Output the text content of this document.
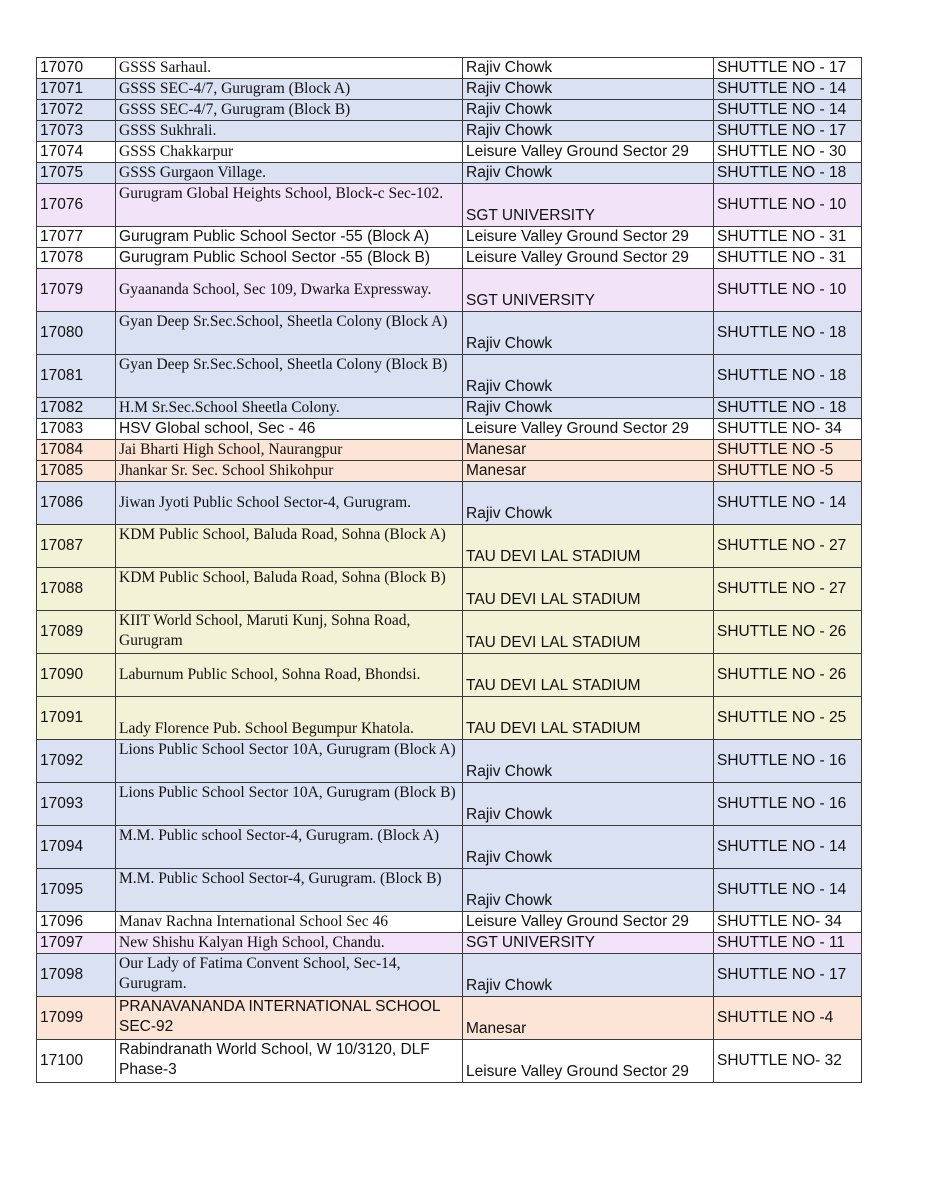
17070	GSSS Sarhaul.	Rajiv Chowk	SHUTTLE NO - 17
17071	GSSS SEC-4/7, Gurugram (Block A)	Rajiv Chowk	SHUTTLE NO - 14
17072	GSSS SEC-4/7, Gurugram (Block B)	Rajiv Chowk	SHUTTLE NO - 14
17073	GSSS Sukhrali.	Rajiv Chowk	SHUTTLE NO - 17
17074	GSSS Chakkarpur	Leisure Valley Ground Sector 29	SHUTTLE NO - 30
17075	GSSS Gurgaon Village.	Rajiv Chowk	SHUTTLE NO - 18
17076	Gurugram Global Heights School, Block-c Sec-102.	SGT UNIVERSITY	SHUTTLE NO - 10
17077	Gurugram Public School Sector -55 (Block A)	Leisure Valley Ground Sector 29	SHUTTLE NO - 31
17078	Gurugram Public School Sector -55 (Block B)	Leisure Valley Ground Sector 29	SHUTTLE NO - 31
17079	Gyaananda School, Sec 109, Dwarka Expressway.	SGT UNIVERSITY	SHUTTLE NO - 10
17080	Gyan Deep Sr.Sec.School, Sheetla Colony (Block A)	Rajiv Chowk	SHUTTLE NO - 18
17081	Gyan Deep Sr.Sec.School, Sheetla Colony (Block B)	Rajiv Chowk	SHUTTLE NO - 18
17082	H.M Sr.Sec.School Sheetla Colony.	Rajiv Chowk	SHUTTLE NO - 18
17083	HSV Global school, Sec - 46	Leisure Valley Ground Sector 29	SHUTTLE NO- 34
17084	Jai Bharti High School, Naurangpur	Manesar	SHUTTLE NO -5
17085	Jhankar Sr. Sec. School Shikohpur	Manesar	SHUTTLE NO -5
17086	Jiwan Jyoti Public School Sector-4, Gurugram.	Rajiv Chowk	SHUTTLE NO - 14
17087	KDM Public School, Baluda Road, Sohna (Block A)	TAU DEVI LAL STADIUM	SHUTTLE NO - 27
17088	KDM Public School, Baluda Road, Sohna (Block B)	TAU DEVI LAL STADIUM	SHUTTLE NO - 27
17089	KIIT World School, Maruti Kunj, Sohna Road, Gurugram	TAU DEVI LAL STADIUM	SHUTTLE NO - 26
17090	Laburnum Public School, Sohna Road, Bhondsi.	TAU DEVI LAL STADIUM	SHUTTLE NO - 26
17091	Lady Florence Pub. School Begumpur Khatola.	TAU DEVI LAL STADIUM	SHUTTLE NO - 25
17092	Lions Public School Sector 10A, Gurugram (Block A)	Rajiv Chowk	SHUTTLE NO - 16
17093	Lions Public School Sector 10A, Gurugram (Block B)	Rajiv Chowk	SHUTTLE NO - 16
17094	M.M. Public school Sector-4, Gurugram. (Block A)	Rajiv Chowk	SHUTTLE NO - 14
17095	M.M. Public School Sector-4, Gurugram. (Block B)	Rajiv Chowk	SHUTTLE NO - 14
17096	Manav Rachna International School Sec 46	Leisure Valley Ground Sector 29	SHUTTLE NO- 34
17097	New Shishu Kalyan High School, Chandu.	SGT UNIVERSITY	SHUTTLE NO - 11
17098	Our Lady of Fatima Convent School, Sec-14, Gurugram.	Rajiv Chowk	SHUTTLE NO - 17
17099	PRANAVANANDA INTERNATIONAL SCHOOL SEC-92	Manesar	SHUTTLE NO -4
17100	Rabindranath World School, W 10/3120, DLF Phase-3	Leisure Valley Ground Sector 29	SHUTTLE NO- 32
